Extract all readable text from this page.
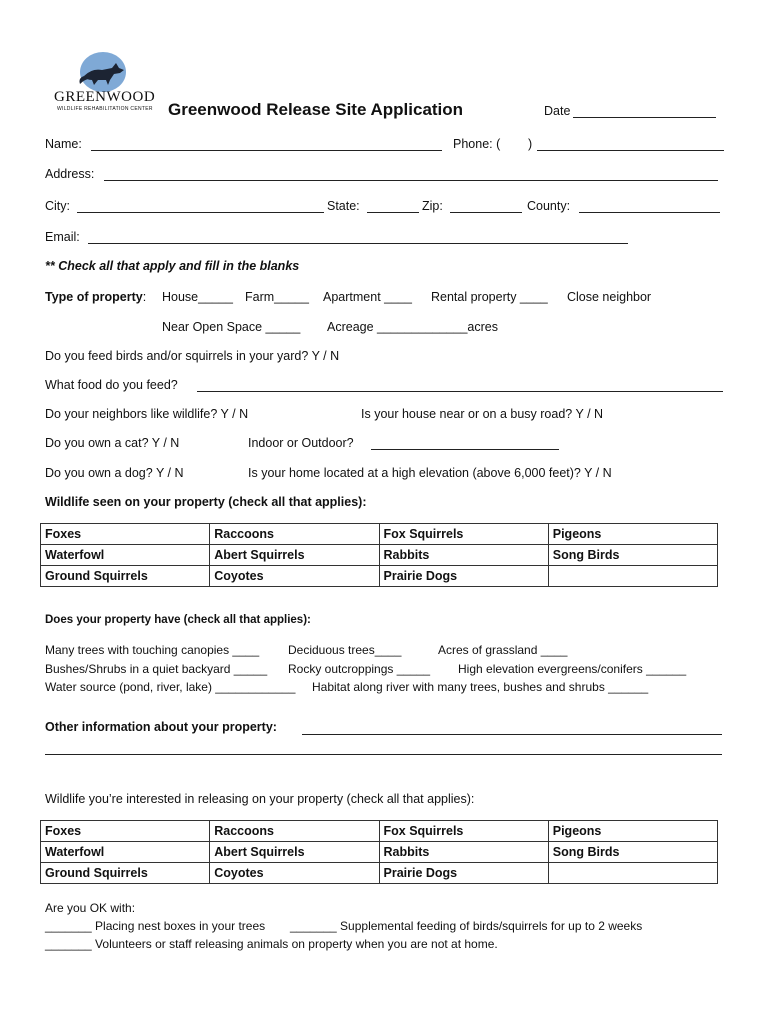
GREENWOOD
WILDLIFE REHABILITATION CENTER Greenwood Release Site Application	Date
Name:	Phone: ( )
Address:
City:	State:	Zip:	County:
Email:
** Check all that apply and fill in the blanks
Type of property: House_____ Farm_____ Apartment ____ Rental property ____ Close neighbor
Near Open Space _____ Acreage _____________acres
Do you feed birds and/or squirrels in your yard? Y / N
What food do you feed?
Do your neighbors like wildlife? Y / N	Is your house near or on a busy road? Y / N
Do you own a cat? Y / N	Indoor or Outdoor?
Do you own a dog? Y / N	Is your home located at a high elevation (above 6,000 feet)? Y / N
Wildlife seen on your property (check all that applies):
Foxes	Raccoons	Fox Squirrels	Pigeons
Waterfowl	Abert Squirrels	Rabbits	Song Birds
Ground Squirrels	Coyotes	Prairie Dogs	
Does your property have (check all that applies):
Many trees with touching canopies ____ Deciduous trees____	Acres of grassland ____
Bushes/Shrubs in a quiet backyard _____ Rocky outcroppings _____ High elevation evergreens/conifers ______
Water source (pond, river, lake) ____________ Habitat along river with many trees, bushes and shrubs ______
Other information about your property:
Wildlife you’re interested in releasing on your property (check all that applies):
Foxes	Raccoons	Fox Squirrels	Pigeons
Waterfowl	Abert Squirrels	Rabbits	Song Birds
Ground Squirrels	Coyotes	Prairie Dogs	
Are you OK with:
_______ Placing nest boxes in your trees _______ Supplemental feeding of birds/squirrels for up to 2 weeks
_______ Volunteers or staff releasing animals on property when you are not at home.
